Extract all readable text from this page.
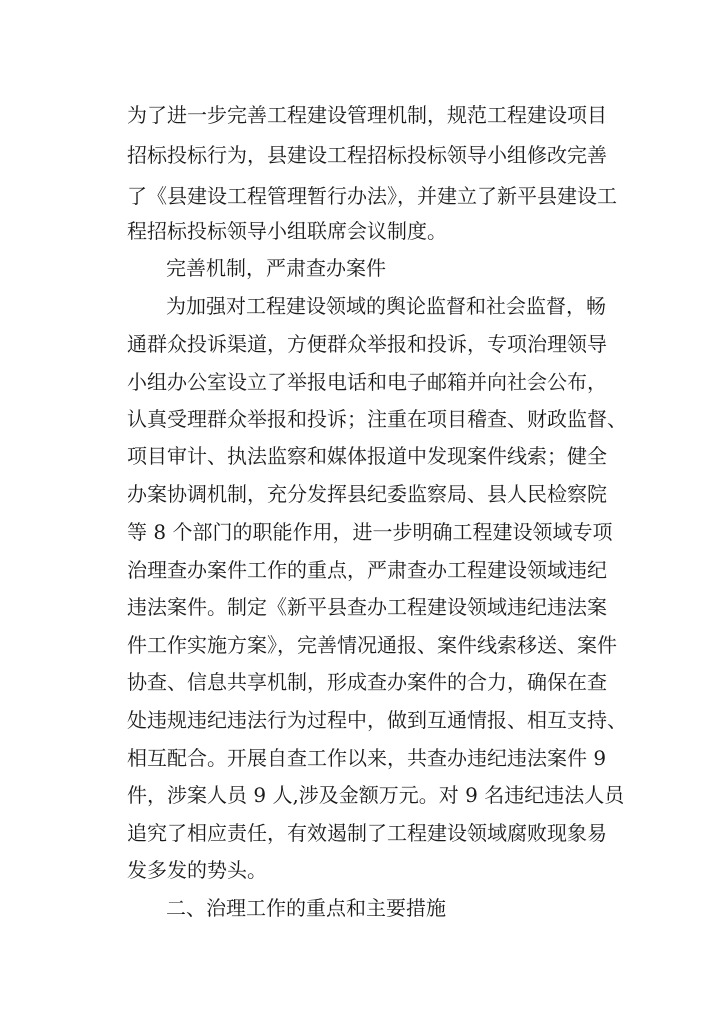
为了进一步完善工程建设管理机制，规范工程建设项目
招标投标行为，县建设工程招标投标领导小组修改完善
了《县建设工程管理暂行办法》，并建立了新平县建设工
程招标投标领导小组联席会议制度。
完善机制，严肃查办案件
为加强对工程建设领域的舆论监督和社会监督，畅
通群众投诉渠道，方便群众举报和投诉，专项治理领导
小组办公室设立了举报电话和电子邮箱并向社会公布，
认真受理群众举报和投诉；注重在项目稽查、财政监督、
项目审计、执法监察和媒体报道中发现案件线索；健全
办案协调机制，充分发挥县纪委监察局、县人民检察院
等 8 个部门的职能作用，进一步明确工程建设领域专项
治理查办案件工作的重点，严肃查办工程建设领域违纪
违法案件。制定《新平县查办工程建设领域违纪违法案
件工作实施方案》，完善情况通报、案件线索移送、案件
协查、信息共享机制，形成查办案件的合力，确保在查
处违规违纪违法行为过程中，做到互通情报、相互支持、
相互配合。开展自查工作以来，共查办违纪违法案件 9
件，涉案人员 9 人,涉及金额万元。对 9 名违纪违法人员
追究了相应责任，有效遏制了工程建设领域腐败现象易
发多发的势头。
二、治理工作的重点和主要措施
